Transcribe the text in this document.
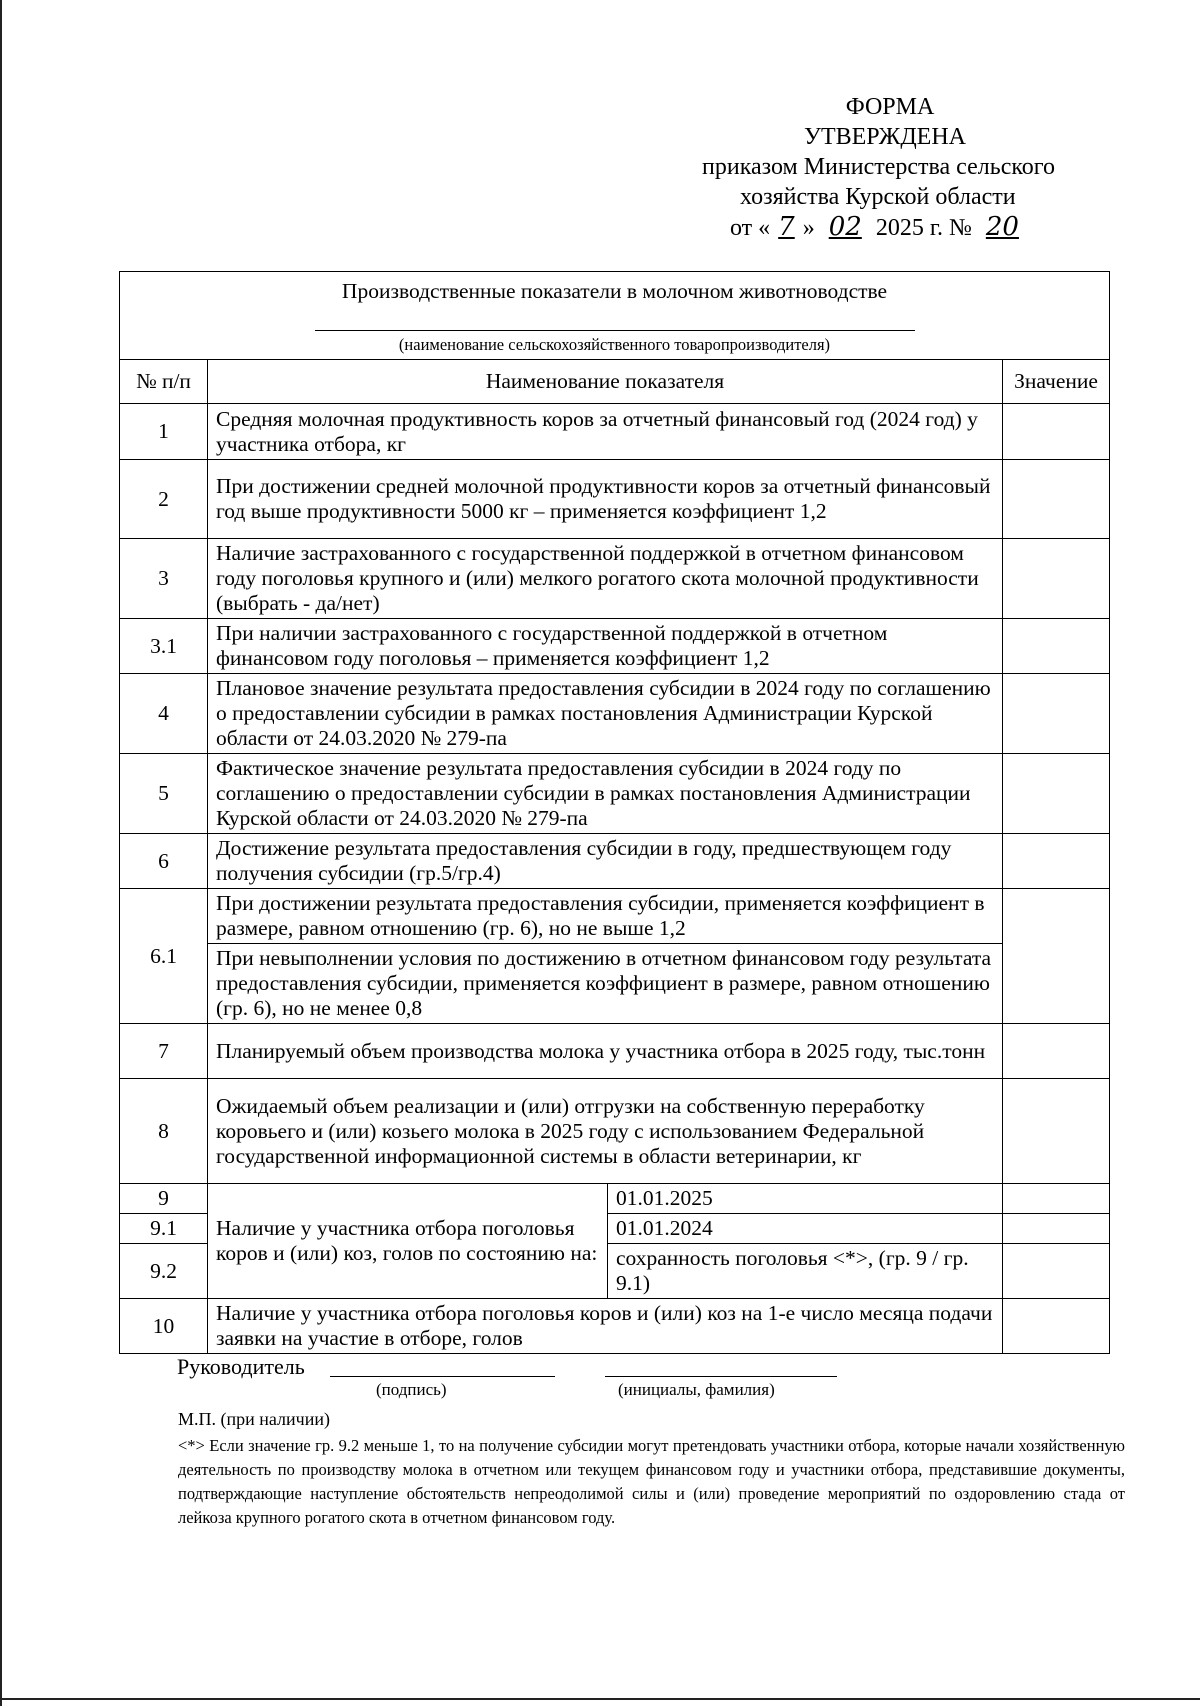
ФОРМА
УТВЕРЖДЕНА
приказом Министерства сельского
хозяйства Курской области
от « 7 » 02 2025 г. № 20
Производственные показатели в молочном животноводстве
(наименование сельскохозяйственного товаропроизводителя)			

№ п/п	Наименование показателя		Значение
1	Средняя молочная продуктивность коров за отчетный финансовый год (2024 год) у участника отбора, кг		
2	При достижении средней молочной продуктивности коров за отчетный финансовый год выше продуктивности 5000 кг – применяется коэффициент 1,2		
3	Наличие застрахованного с государственной поддержкой в отчетном финансовом году поголовья крупного и (или) мелкого рогатого скота молочной продуктивности (выбрать - да/нет)		
3.1	При наличии застрахованного с государственной поддержкой в отчетном финансовом году поголовья – применяется коэффициент 1,2		
4	Плановое значение результата предоставления субсидии в 2024 году по соглашению о предоставлении субсидии в рамках постановления Администрации Курской области от 24.03.2020 № 279-па		
5	Фактическое значение результата предоставления субсидии в 2024 году по соглашению о предоставлении субсидии в рамках постановления Администрации Курской области от 24.03.2020 № 279-па		
6	Достижение результата предоставления субсидии в году, предшествующем году получения субсидии (гр.5/гр.4)		
6.1	При достижении результата предоставления субсидии, применяется коэффициент в размере, равном отношению (гр. 6), но не выше 1,2		
	При невыполнении условия по достижению в отчетном финансовом году результата предоставления субсидии, применяется коэффициент в размере, равном отношению (гр. 6), но не менее 0,8		
7	Планируемый объем производства молока у участника отбора в 2025 году, тыс.тонн		
8	Ожидаемый объем реализации и (или) отгрузки на собственную переработку коровьего и (или) козьего молока в 2025 году с использованием Федеральной государственной информационной системы в области ветеринарии, кг		
9	Наличие у участника отбора поголовья коров и (или) коз, голов по состоянию на:	01.01.2025	
9.1		01.01.2024	
9.2		сохранность поголовья <*>, (гр. 9 / гр. 9.1)	
10	Наличие у участника отбора поголовья коров и (или) коз на 1-е число месяца подачи заявки на участие в отборе, голов		
Руководитель
(подпись)	(инициалы, фамилия)
М.П. (при наличии)
<*> Если значение гр. 9.2 меньше 1, то на получение субсидии могут претендовать участники отбора, которые начали хозяйственную деятельность по производству молока в отчетном или текущем финансовом году и участники отбора, представившие документы, подтверждающие наступление обстоятельств непреодолимой силы и (или) проведение мероприятий по оздоровлению стада от лейкоза крупного рогатого скота в отчетном финансовом году.
